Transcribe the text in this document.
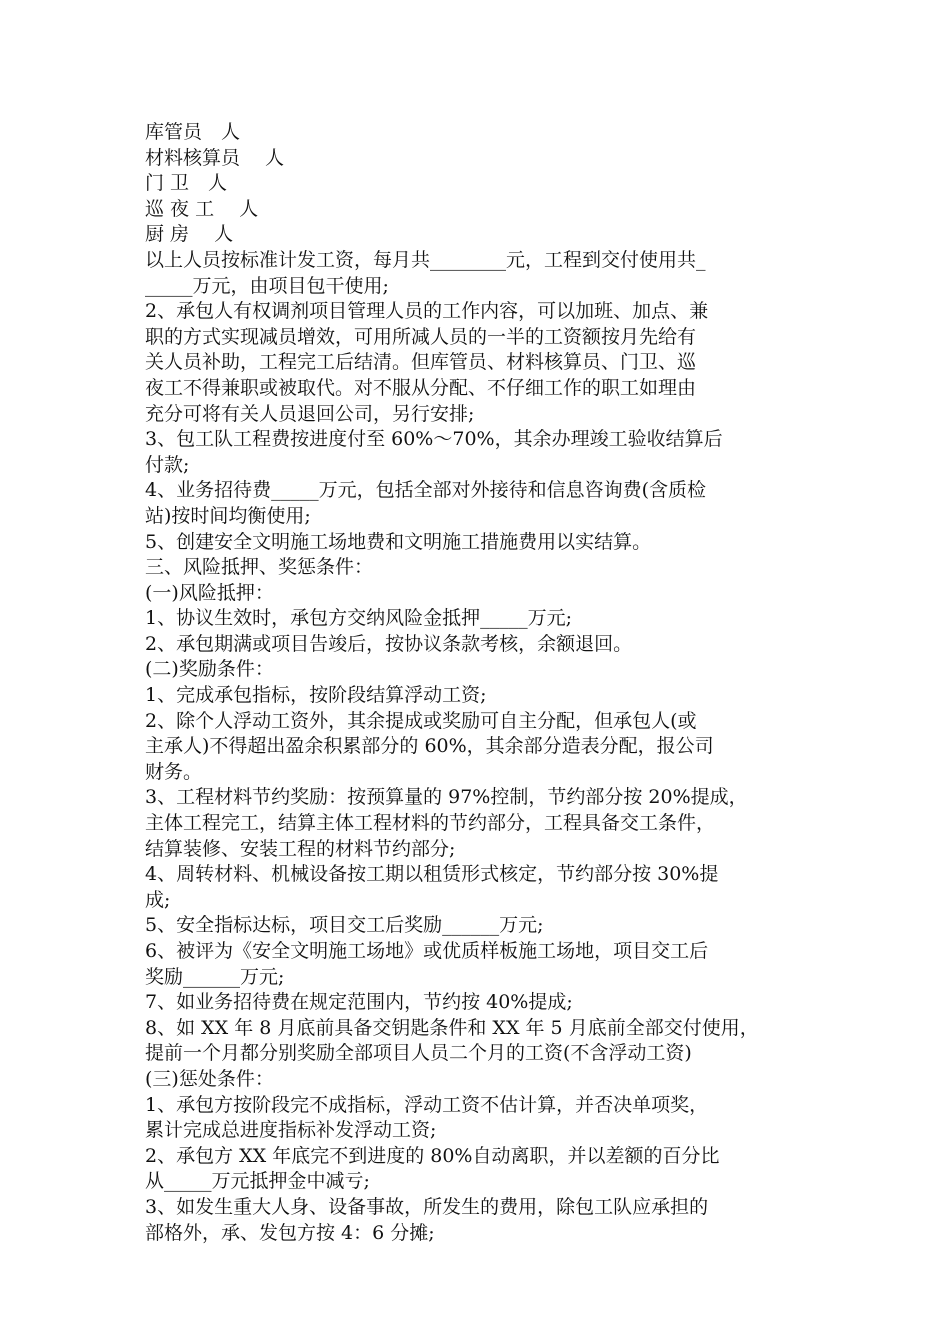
库管员　人
材料核算员　 人
门 卫　人
巡 夜 工　 人
厨 房　 人
以上人员按标准计发工资，每月共________元，工程到交付使用共_
_____万元，由项目包干使用;
2、承包人有权调剂项目管理人员的工作内容，可以加班、加点、兼
职的方式实现减员增效，可用所减人员的一半的工资额按月先给有
关人员补助，工程完工后结清。但库管员、材料核算员、门卫、巡
夜工不得兼职或被取代。对不服从分配、不仔细工作的职工如理由
充分可将有关人员退回公司，另行安排;
3、包工队工程费按进度付至 60%～70%，其余办理竣工验收结算后
付款;
4、业务招待费_____万元，包括全部对外接待和信息咨询费(含质检
站)按时间均衡使用;
5、创建安全文明施工场地费和文明施工措施费用以实结算。
三、风险抵押、奖惩条件：
(一)风险抵押：
1、协议生效时，承包方交纳风险金抵押_____万元;
2、承包期满或项目告竣后，按协议条款考核，余额退回。
(二)奖励条件：
1、完成承包指标，按阶段结算浮动工资;
2、除个人浮动工资外，其余提成或奖励可自主分配，但承包人(或
主承人)不得超出盈余积累部分的 60%，其余部分造表分配，报公司
财务。
3、工程材料节约奖励：按预算量的 97%控制，节约部分按 20%提成，
主体工程完工，结算主体工程材料的节约部分，工程具备交工条件，
结算装修、安装工程的材料节约部分;
4、周转材料、机械设备按工期以租赁形式核定，节约部分按 30%提
成;
5、安全指标达标，项目交工后奖励______万元;
6、被评为《安全文明施工场地》或优质样板施工场地，项目交工后
奖励______万元;
7、如业务招待费在规定范围内，节约按 40%提成;
8、如 XX 年 8 月底前具备交钥匙条件和 XX 年 5 月底前全部交付使用，
提前一个月都分别奖励全部项目人员二个月的工资(不含浮动工资)
(三)惩处条件：
1、承包方按阶段完不成指标，浮动工资不估计算，并否决单项奖，
累计完成总进度指标补发浮动工资;
2、承包方 XX 年底完不到进度的 80%自动离职，并以差额的百分比
从_____万元抵押金中减亏;
3、如发生重大人身、设备事故，所发生的费用，除包工队应承担的
部格外，承、发包方按 4：6 分摊;
